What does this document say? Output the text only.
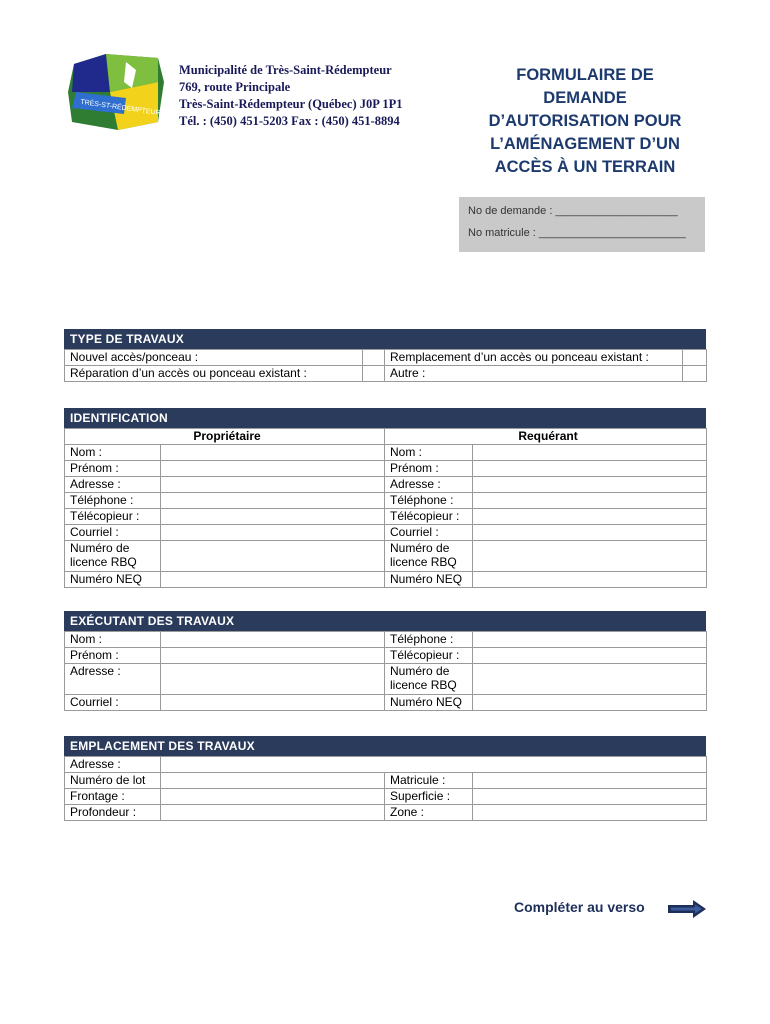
TRÈS-ST-RÉDEMPTEUR
Municipalité de Très-Saint-Rédempteur
769, route Principale
Très-Saint-Rédempteur (Québec) J0P 1P1
Tél. : (450) 451-5203 Fax : (450) 451-8894
FORMULAIRE DE
DEMANDE
D’AUTORISATION POUR
L’AMÉNAGEMENT D’UN
ACCÈS À UN TERRAIN
No de demande : ____________________
No matricule : ________________________
TYPE DE TRAVAUX
Nouvel accès/ponceau :		Remplacement d’un accès ou ponceau existant :	
Réparation d’un accès ou ponceau existant :		Autre :	
IDENTIFICATION
Propriétaire		Requérant	
Nom :		Nom :	
Prénom :		Prénom :	
Adresse :		Adresse :	
Téléphone :		Téléphone :	
Télécopieur :		Télécopieur :	
Courriel :		Courriel :	
Numéro de
licence RBQ		Numéro de
licence RBQ	
Numéro NEQ		Numéro NEQ	
EXÉCUTANT DES TRAVAUX
Nom :		Téléphone :	
Prénom :		Télécopieur :	
Adresse :		Numéro de
licence RBQ	
Courriel :		Numéro NEQ	
EMPLACEMENT DES TRAVAUX
Adresse :			
Numéro de lot		Matricule :	
Frontage :		Superficie :	
Profondeur :		Zone :	
Compléter au verso
